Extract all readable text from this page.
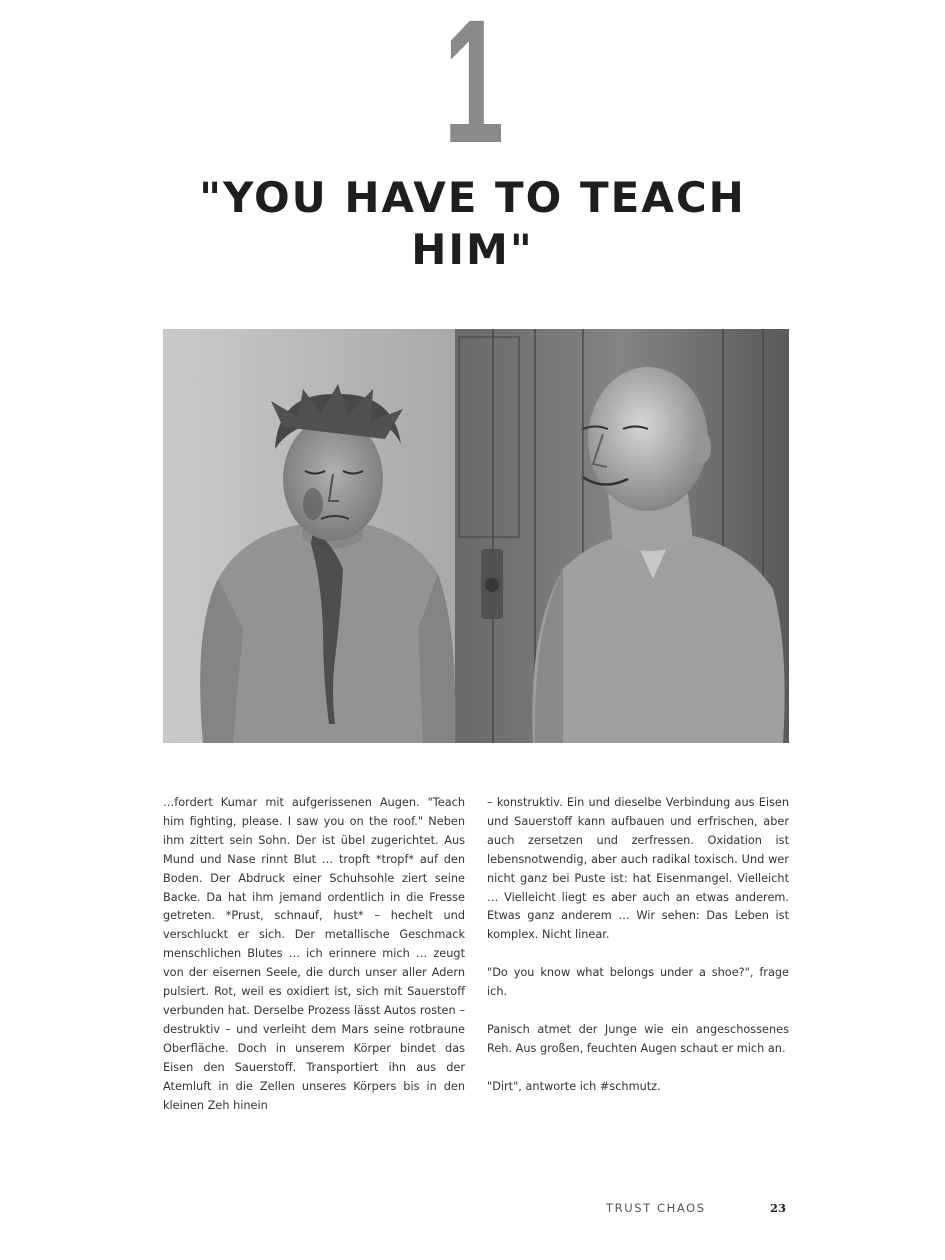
1
"YOU HAVE TO TEACH HIM"

…fordert Kumar mit aufgerissenen Augen. "Teach him fighting, please. I saw you on the roof." Neben ihm zittert sein Sohn. Der ist übel zugerichtet. Aus Mund und Nase rinnt Blut … tropft *tropf* auf den Boden. Der Abdruck einer Schuhsohle ziert seine Backe. Da hat ihm jemand ordentlich in die Fresse getreten. *Prust, schnauf, hust* – hechelt und verschluckt er sich. Der metallische Geschmack menschlichen Blutes … ich erinnere mich … zeugt von der eisernen Seele, die durch unser aller Adern pulsiert. Rot, weil es oxidiert ist, sich mit Sauerstoff verbunden hat. Derselbe Prozess lässt Autos rosten – destruktiv – und verleiht dem Mars seine rotbraune Oberfläche. Doch in unserem Körper bindet das Eisen den Sauerstoff. Transportiert ihn aus der Atemluft in die Zellen unseres Körpers bis in den kleinen Zeh hinein

– konstruktiv. Ein und dieselbe Verbindung aus Eisen und Sauerstoff kann aufbauen und erfrischen, aber auch zersetzen und zerfressen. Oxidation ist lebensnotwendig, aber auch radikal toxisch. Und wer nicht ganz bei Puste ist: hat Eisenmangel. Vielleicht … Vielleicht liegt es aber auch an etwas anderem. Etwas ganz anderem … Wir sehen: Das Leben ist komplex. Nicht linear.

"Do you know what belongs under a shoe?", frage ich.

Panisch atmet der Junge wie ein angeschossenes Reh. Aus großen, feuchten Augen schaut er mich an.

"Dirt", antworte ich #schmutz.

TRUST CHAOS	23
